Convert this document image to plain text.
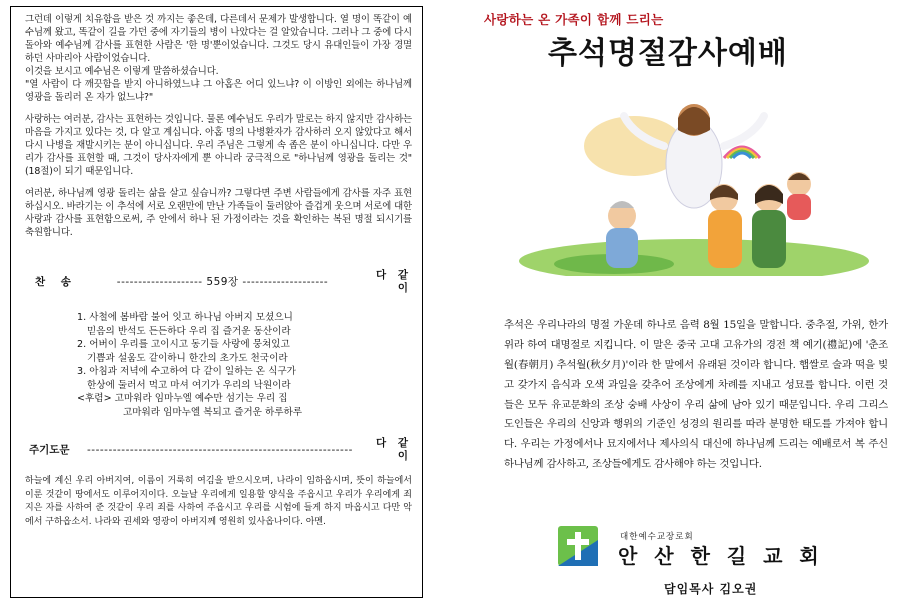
그런데 이렇게 치유함을 받은 것 까지는 좋은데, 다른데서 문제가 발생합니다. 열 명이 똑같이 예수님께 왔고, 똑같이 길을 가던 중에 자기들의 병이 나았다는 걸 알았습니다. 그러나 그 중에 다시 돌아와 예수님께 감사를 표현한 사람은 '한 명'뿐이었습니다. 그것도 당시 유대인들이 가장 경멸하던 사마리아 사람이었습니다.

이것을 보시고 예수님은 이렇게 말씀하셨습니다.

"열 사람이 다 깨끗함을 받지 아니하였느냐 그 아홉은 어디 있느냐? 이 이방인 외에는 하나님께 영광을 돌리러 온 자가 없느냐?"

사랑하는 여러분, 감사는 표현하는 것입니다. 물론 예수님도 우리가 말로는 하지 않지만 감사하는 마음을 가지고 있다는 것, 다 알고 계십니다. 아홉 명의 나병환자가 감사하러 오지 않았다고 해서 다시 나병을 재발시키는 분이 아니십니다. 우리 주님은 그렇게 속 좁은 분이 아니십니다. 다만 우리가 감사를 표현할 때, 그것이 당사자에게 뿐 아니라 궁극적으로 "하나님께 영광을 돌리는 것"(18절)이 되기 때문입니다.

여러분, 하나님께 영광 돌리는 삶을 살고 싶습니까? 그렇다면 주변 사람들에게 감사를 자주 표현하십시오. 바라기는 이 추석에 서로 오랜만에 만난 가족들이 둘러앉아 즐겁게 웃으며 서로에 대한 사랑과 감사를 표현함으로써, 주 안에서 하나 된 가정이라는 것을 확인하는 복된 명절 되시기를 축원합니다.

찬 송	-------------------- 559장 --------------------
다 같 이
1. 사철에 봄바람 불어 잇고 하나님 아버지 모셨으니
믿음의 반석도 든든하다 우리 집 즐거운 동산이라
2. 어버이 우리를 고이시고 동기들 사랑에 뭉쳐있고
기쁨과 설움도 같이하니 한간의 초가도 천국이라
3. 아침과 저녁에 수고하여 다 같이 일하는 온 식구가
한상에 둘러서 먹고 마셔 여기가 우리의 낙원이라
<후렴> 고마워라 임마누엘 예수만 섬기는 우리 집
고마워라 임마누엘 복되고 즐거운 하루하루
주기도문	--------------------------------------------------------------
다 같 이

하늘에 계신 우리 아버지여, 이름이 거룩히 여김을 받으시오며, 나라이 임하옵시며, 뜻이 하늘에서 이룬 것같이 땅에서도 이루어지이다. 오늘날 우리에게 일용할 양식을 주옵시고 우리가 우리에게 죄 지은 자를 사하여 준 것같이 우리 죄를 사하여 주옵시고 우리를 시험에 들게 하지 마옵시고 다만 악에서 구하옵소서. 나라와 권세와 영광이 아버지께 영원히 있사옵나이다. 아멘.

사랑하는 온 가족이 함께 드리는
추석명절감사예배

추석은 우리나라의 명절 가운데 하나로 음력 8월 15일을 말합니다. 중추절, 가위, 한가위라 하여 대명절로 지킵니다. 이 말은 중국 고대 고유가의 경전 책 예기(禮記)에 '춘조월(春朝月) 추석월(秋夕月)'이라 한 말에서 유래된 것이라 합니다. 햅쌀로 술과 떡을 빚고 갖가지 음식과 오색 과일을 갖추어 조상에게 차례를 지내고 성묘를 합니다. 이런 것들은 모두 유교문화의 조상 숭배 사상이 우리 삶에 남아 있기 때문입니다. 우리 그리스도인들은 우리의 신앙과 행위의 기준인 성경의 원리를 따라 분명한 태도를 가져야 합니다. 우리는 가정에서나 묘지에서나 제사의식 대신에 하나님께 드리는 예배로서 복 주신 하나님께 감사하고, 조상들에게도 감사해야 하는 것입니다.

대한예수교장로회
안 산 한 길 교 회
담임목사 김오권
